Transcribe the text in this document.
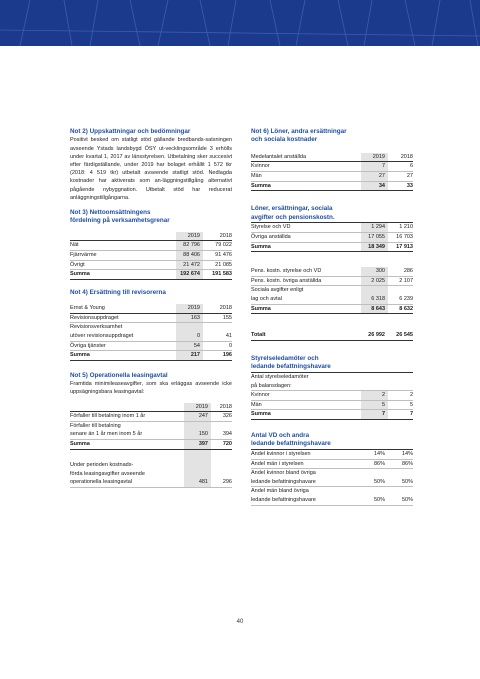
Not 2) Uppskattningar och bedömningar
Positivt besked om statligt stöd gällande bredbands-satsningen avseende Ystads landsbygd ÖSY ut-vecklingsområde 3 erhölls under kvartal 1, 2017 av länsstyrelsen. Utbetalning sker succesivt efter färdigställande, under 2019 har bolaget erhållit 1 572 tkr (2018: 4 519 tkr) utbetalt avseende statligt stöd. Nedlagda kostnader har aktiverats som an-läggningstillgång alternativt pågående nybyggnation. Utbetalt stöd har reducerat anläggningstillgångarna.
Not 3) Nettoomsättningens
fördelning på verksamhetsgrenar
	2019	2018
Nät	82 796	79 022
Fjärrvärme	88 406	91 476
Övrigt	21 472	21 085
Summa	192 674	191 583
Not 4) Ersättning till revisorerna
Ernst & Young	2019	2018
Revisionsuppdraget	163	155
Revisionsverksamhet		
utöver revisionsuppdraget	0	41
Övriga tjänster	54	0
Summa	217	196
Not 5) Operationella leasingavtal
Framtida minimileaseavgifter, som ska erläggas avseende icke uppsägningsbara leasingavtal:
	2019	2018
Förfaller till betalning inom 1 år	247	326
Förfaller till betalning		
senare än 1 år men inom 5 år	150	394
Summa	397	720

Under perioden kostnads-		
förda leasingavgifter avseende		
operationella leasingavtal	481	296
Not 6) Löner, andra ersättningar
och sociala kostnader
Medelantalet anställda	2019	2018
Kvinnor	7	6
Män	27	27
Summa	34	33
Löner, ersättningar, sociala		
avgifter och pensionskostn.		
Styrelse och VD	1 294	1 210
Övriga anställda	17 055	16 703
Summa	18 349	17 913
Pens. kostn. styrelse och VD	300	286
Pens. kostn. övriga anställda	2 025	2 107
Sociala avgifter enligt		
lag och avtal	6 318	6 239
Summa	8 643	8 632
Totalt	26 992	26 545
Styrelseledamöter och		
ledande befattningshavare		
Antal styrelseledamöter		
på balansdagen:		
Kvinnor	2	2
Män	5	5
Summa	7	7
Antal VD och andra		
ledande befattningshavare		
Andel kvinnor i styrelsen	14%	14%
Andel män i styrelsen	86%	86%
Andel kvinnor bland övriga		
ledande befattningshavare	50%	50%
Andel män bland övriga		
ledande befattningshavare	50%	50%
40
